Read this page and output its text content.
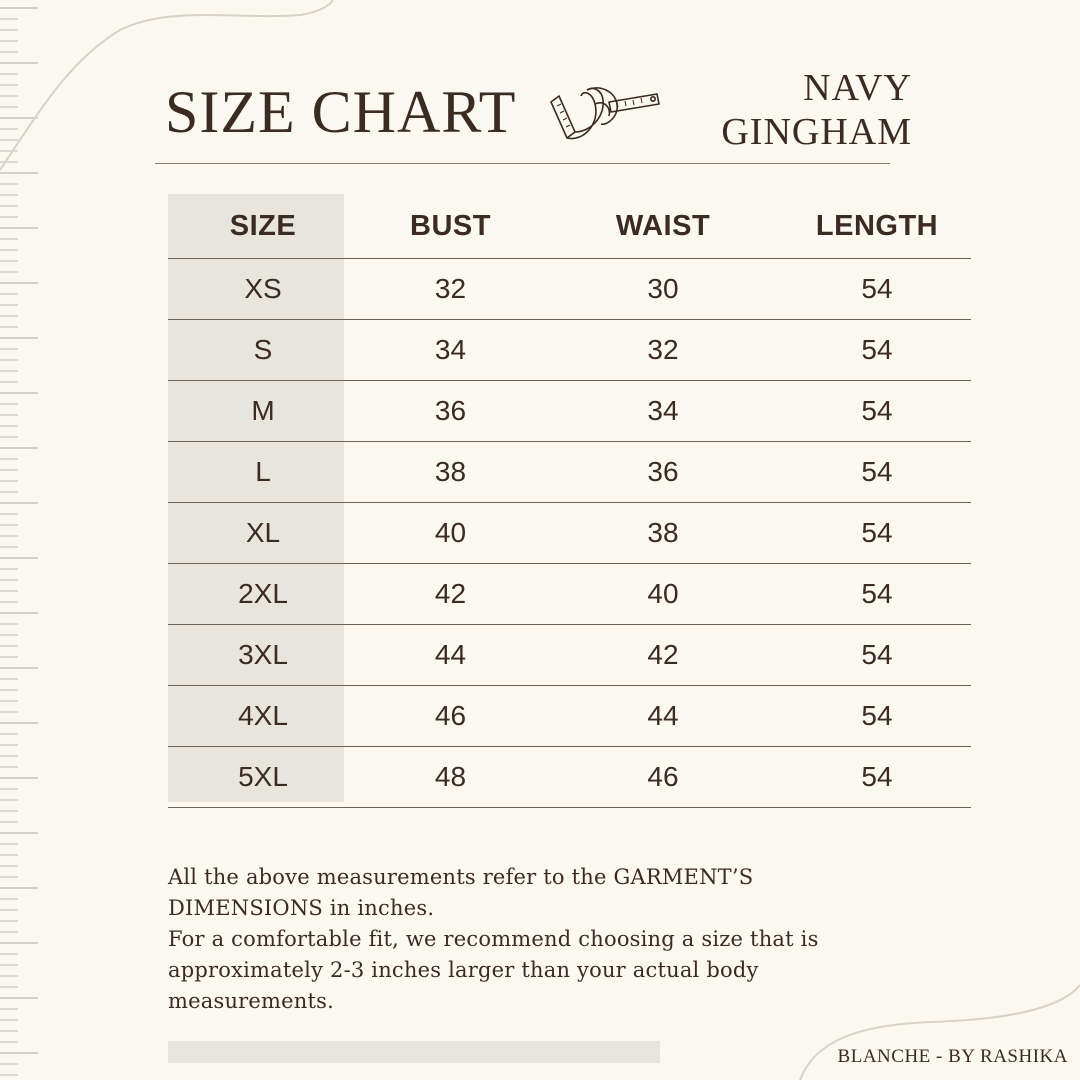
SIZE CHART	NAVY
GINGHAM
SIZE	BUST	WAIST	LENGTH
XS	32	30	54
S	34	32	54
M	36	34	54
L	38	36	54
XL	40	38	54
2XL	42	40	54
3XL	44	42	54
4XL	46	44	54
5XL	48	46	54

All the above measurements refer to the GARMENT’S DIMENSIONS in inches.

For a comfortable fit, we recommend choosing a size that is approximately 2-3 inches larger than your actual body measurements.

BLANCHE - BY RASHIKA
